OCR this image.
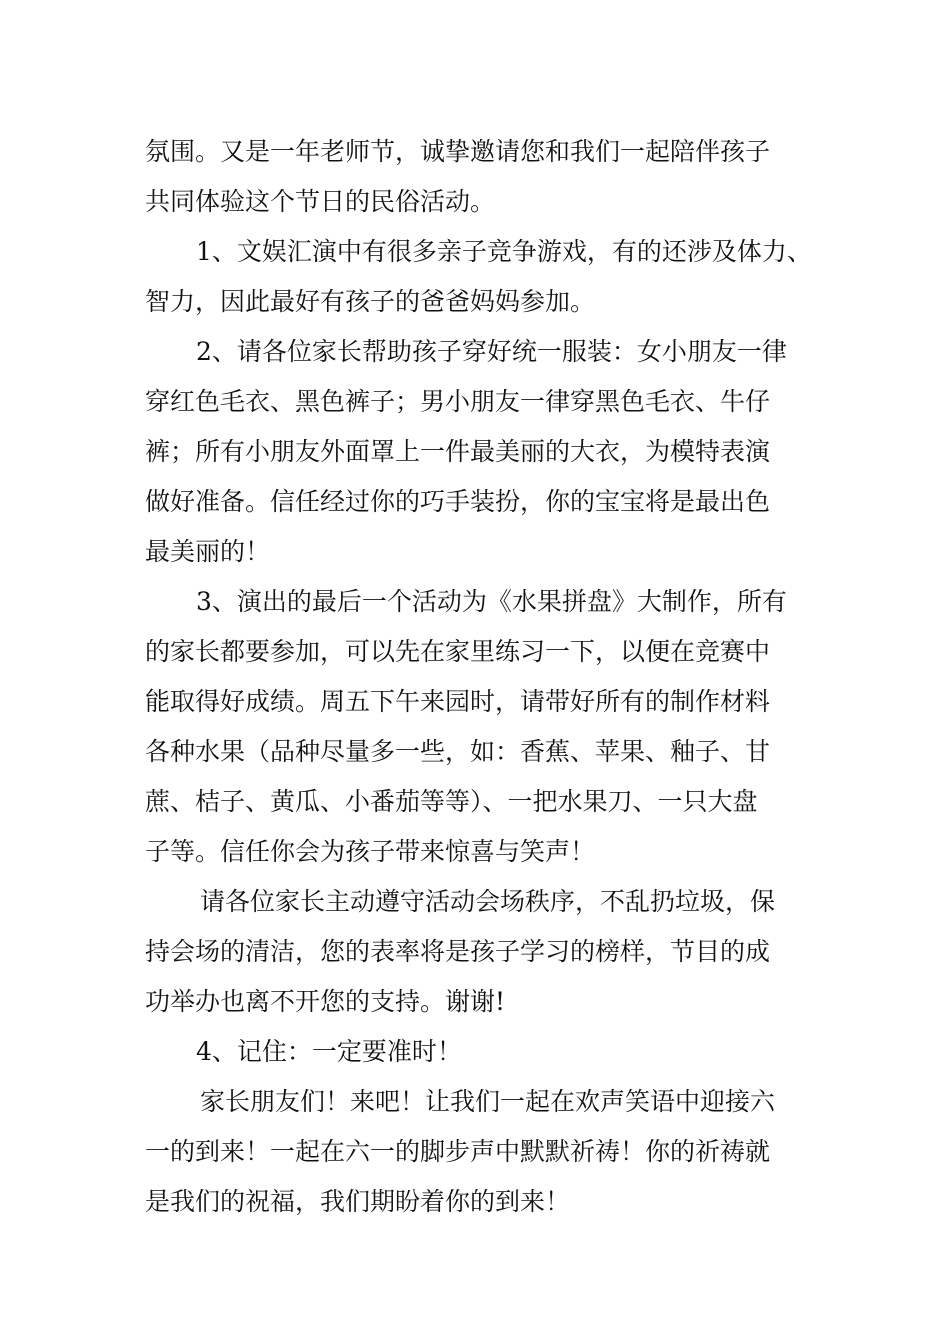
氛围。又是一年老师节，诚挚邀请您和我们一起陪伴孩子
共同体验这个节日的民俗活动。
1、文娱汇演中有很多亲子竞争游戏，有的还涉及体力、
智力，因此最好有孩子的爸爸妈妈参加。
2、请各位家长帮助孩子穿好统一服装：女小朋友一律
穿红色毛衣、黑色裤子；男小朋友一律穿黑色毛衣、牛仔
裤；所有小朋友外面罩上一件最美丽的大衣，为模特表演
做好准备。信任经过你的巧手装扮，你的宝宝将是最出色
最美丽的！
3、演出的最后一个活动为《水果拼盘》大制作，所有
的家长都要参加，可以先在家里练习一下，以便在竞赛中
能取得好成绩。周五下午来园时，请带好所有的制作材料
各种水果（品种尽量多一些，如：香蕉、苹果、釉子、甘
蔗、桔子、黄瓜、小番茄等等）、一把水果刀、一只大盘
子等。信任你会为孩子带来惊喜与笑声！
请各位家长主动遵守活动会场秩序，不乱扔垃圾，保
持会场的清洁，您的表率将是孩子学习的榜样，节目的成
功举办也离不开您的支持。谢谢!
4、记住：一定要准时！
家长朋友们！来吧！让我们一起在欢声笑语中迎接六
一的到来！一起在六一的脚步声中默默祈祷！你的祈祷就
是我们的祝福，我们期盼着你的到来！
